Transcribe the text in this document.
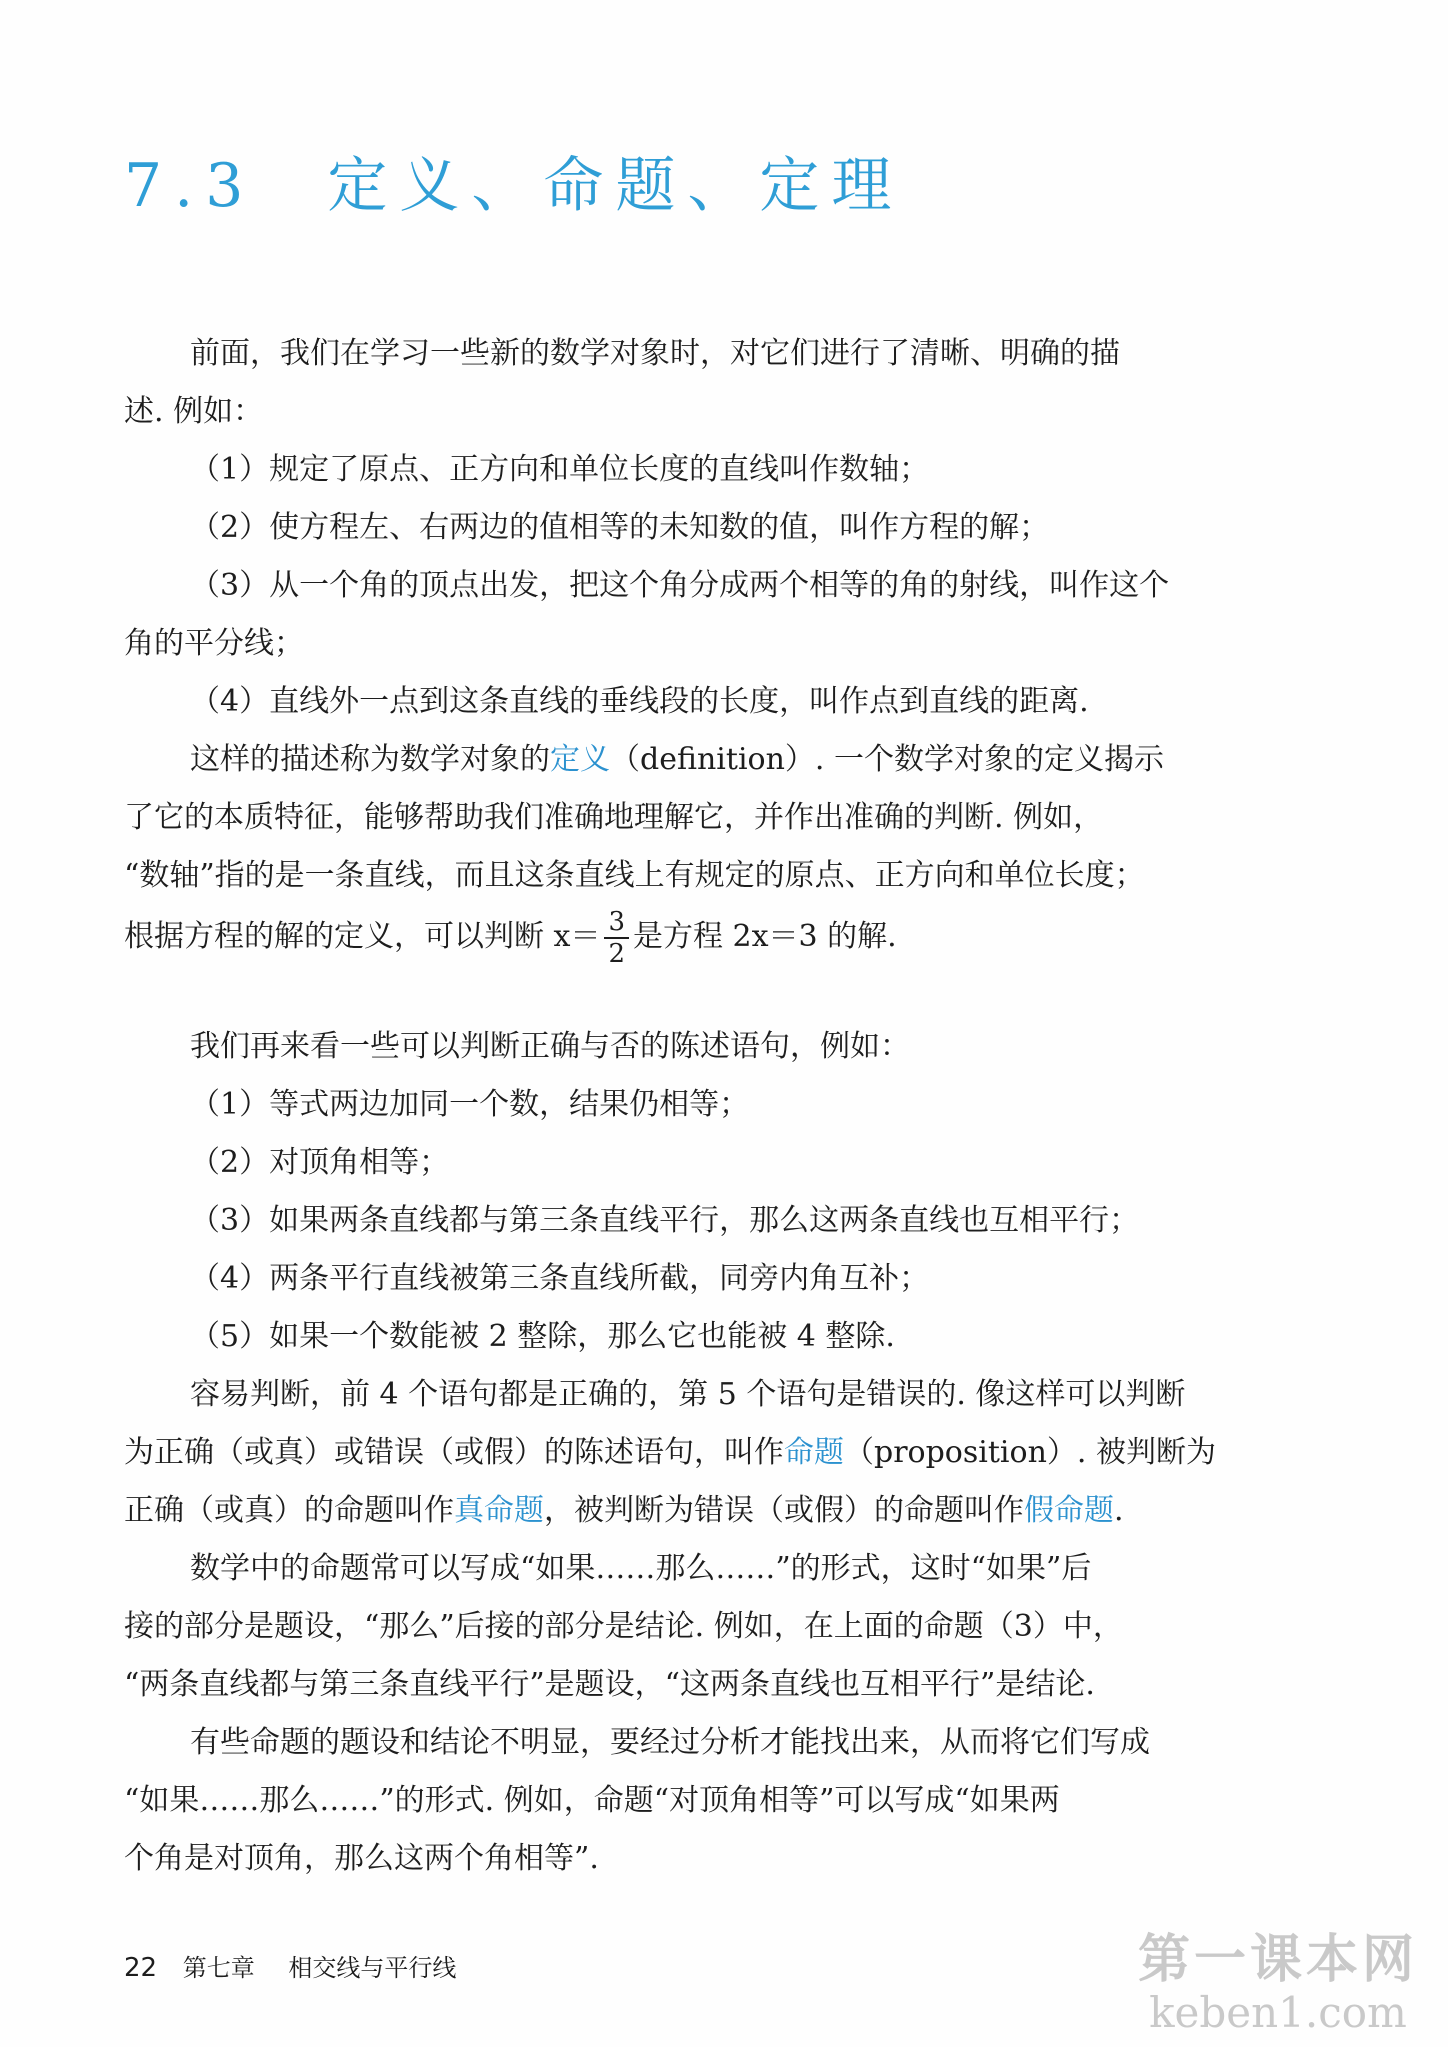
7.3　定义、命题、定理

前面，我们在学习一些新的数学对象时，对它们进行了清晰、明确的描

述. 例如：

（1）规定了原点、正方向和单位长度的直线叫作数轴；

（2）使方程左、右两边的值相等的未知数的值，叫作方程的解；

（3）从一个角的顶点出发，把这个角分成两个相等的角的射线，叫作这个

角的平分线；

（4）直线外一点到这条直线的垂线段的长度，叫作点到直线的距离.

这样的描述称为数学对象的定义（definition）. 一个数学对象的定义揭示

了它的本质特征，能够帮助我们准确地理解它，并作出准确的判断. 例如，

“数轴”指的是一条直线，而且这条直线上有规定的原点、正方向和单位长度；

根据方程的解的定义，可以判断 $x= \frac{3}{2}$ 是方程 2x＝3 的解.

我们再来看一些可以判断正确与否的陈述语句，例如：

（1）等式两边加同一个数，结果仍相等；

（2）对顶角相等；

（3）如果两条直线都与第三条直线平行，那么这两条直线也互相平行；

（4）两条平行直线被第三条直线所截，同旁内角互补；

（5）如果一个数能被 2 整除，那么它也能被 4 整除.

容易判断，前 4 个语句都是正确的，第 5 个语句是错误的. 像这样可以判断

为正确（或真）或错误（或假）的陈述语句，叫作命题（proposition）. 被判断为

正确（或真）的命题叫作真命题，被判断为错误（或假）的命题叫作假命题.

数学中的命题常可以写成“如果……那么……”的形式，这时“如果”后

接的部分是题设，“那么”后接的部分是结论. 例如，在上面的命题（3）中，

“两条直线都与第三条直线平行”是题设，“这两条直线也互相平行”是结论.

有些命题的题设和结论不明显，要经过分析才能找出来，从而将它们写成

“如果……那么……”的形式. 例如，命题“对顶角相等”可以写成“如果两

个角是对顶角，那么这两个角相等”.

22 第七章 相交线与平行线	第一课本网
keben1.com
